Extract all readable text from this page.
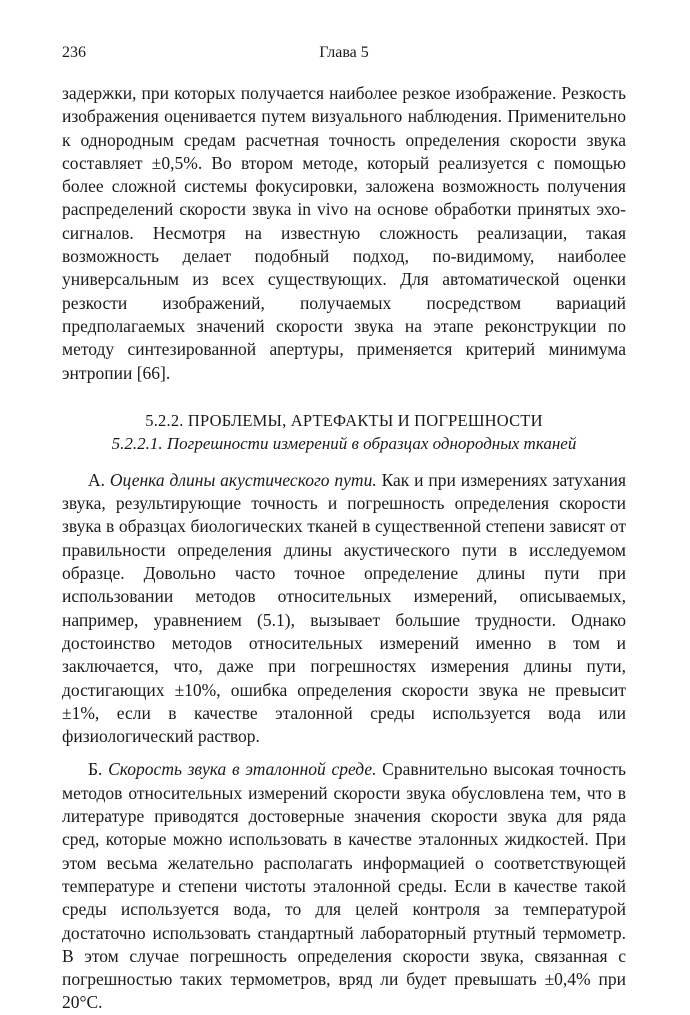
236	Глава 5

задержки, при которых получается наиболее резкое изображение. Резкость изображения оценивается путем визуального наблюдения. Применительно к однородным средам расчетная точность определения скорости звука составляет ±0,5%. Во втором методе, который реализуется с помощью более сложной системы фокусировки, заложена возможность получения распределений скорости звука in vivo на основе обработки принятых эхо-сигналов. Несмотря на известную сложность реализации, такая возможность делает подобный подход, по-видимому, наиболее универсальным из всех существующих. Для автоматической оценки резкости изображений, получаемых посредством вариаций предполагаемых значений скорости звука на этапе реконструкции по методу синтезированной апертуры, применяется критерий минимума энтропии [66].

5.2.2. ПРОБЛЕМЫ, АРТЕФАКТЫ И ПОГРЕШНОСТИ
5.2.2.1. Погрешности измерений в образцах однородных тканей

А. Оценка длины акустического пути. Как и при измерениях затухания звука, результирующие точность и погрешность определения скорости звука в образцах биологических тканей в существенной степени зависят от правильности определения длины акустического пути в исследуемом образце. Довольно часто точное определение длины пути при использовании методов относительных измерений, описываемых, например, уравнением (5.1), вызывает большие трудности. Однако достоинство методов относительных измерений именно в том и заключается, что, даже при погрешностях измерения длины пути, достигающих ±10%, ошибка определения скорости звука не превысит ±1%, если в качестве эталонной среды используется вода или физиологический раствор.

Б. Скорость звука в эталонной среде. Сравнительно высокая точность методов относительных измерений скорости звука обусловлена тем, что в литературе приводятся достоверные значения скорости звука для ряда сред, которые можно использовать в качестве эталонных жидкостей. При этом весьма желательно располагать информацией о соответствующей температуре и степени чистоты эталонной среды. Если в качестве такой среды используется вода, то для целей контроля за температурой достаточно использовать стандартный лабораторный ртутный термометр. В этом случае погрешность определения скорости звука, связанная с погрешностью таких термометров, вряд ли будет превышать ±0,4% при 20°C.
